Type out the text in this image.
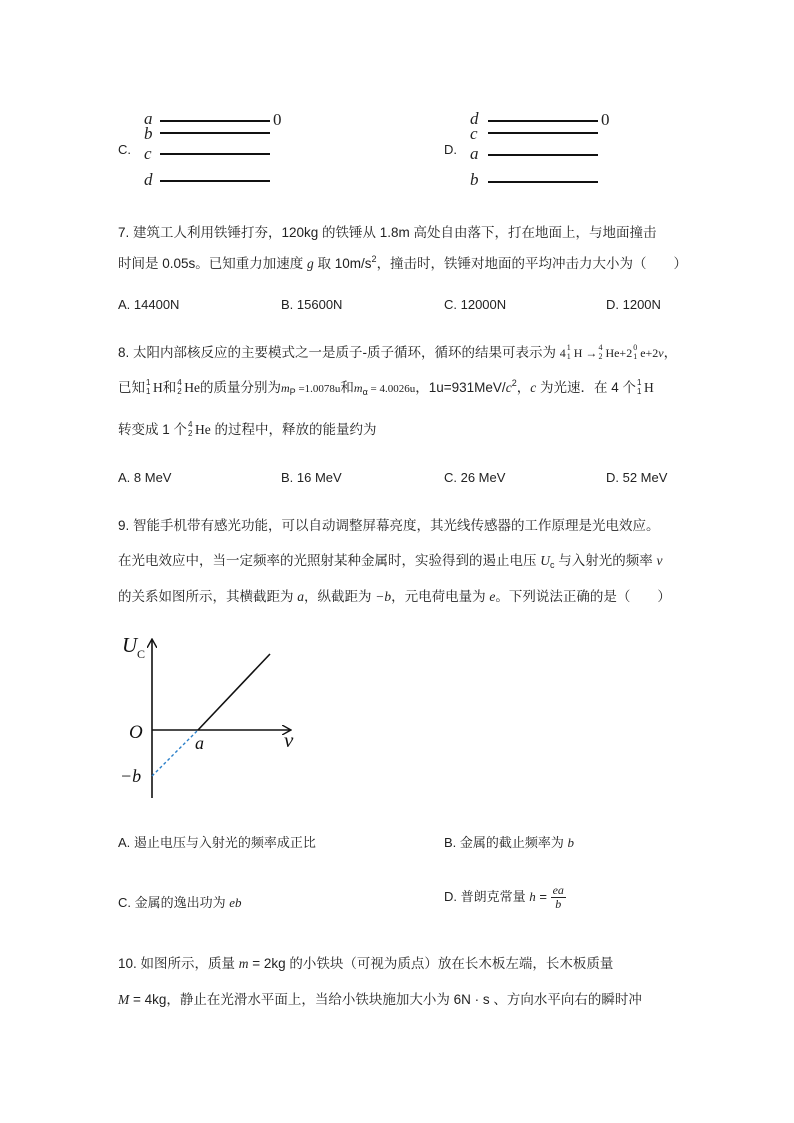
C.
a	0
b
c
d
D.
d	0
c
a
b
7. 建筑工人利用铁锤打夯，120kg 的铁锤从 1.8m 高处自由落下，打在地面上，与地面撞击
时间是 0.05s。已知重力加速度 g 取 $10m/s^2$，撞击时，铁锤对地面的平均冲击力大小为（　　）
A. 14400N	B. 15600N	C. 12000N	D. 1200N
8. 太阳内部核反应的主要模式之一是质子-质子循环，循环的结果可表示为 4 1
1 H → 4
2 He+2 0
1 e+2ν，
已知 1
1 H和 4
2 He的质量分别为$m_P =1.0078u$和$m_\alpha = 4.0026u$，$1u=931MeV/c^2$，c 为光速．在 4 个 1
1 H
转变成 1 个 4
2 He 的过程中，释放的能量约为
A. 8 MeV	B. 16 MeV	C. 26 MeV	D. 52 MeV
9. 智能手机带有感光功能，可以自动调整屏幕亮度，其光线传感器的工作原理是光电效应。
在光电效应中，当一定频率的光照射某种金属时，实验得到的遏止电压 $U_c$ 与入射光的频率 ν
的关系如图所示，其横截距为 a，纵截距为 −b，元电荷电量为 e。下列说法正确的是（　　）
U C
ν
O	a
−b
A. 遏止电压与入射光的频率成正比	B. 金属的截止频率为 b
C. 金属的逸出功为 eb	D. 普朗克常量 $h = \frac{ea}{b}$
10. 如图所示，质量 m = 2kg 的小铁块（可视为质点）放在长木板左端，长木板质量
M = 4kg，静止在光滑水平面上，当给小铁块施加大小为 6N · s 、方向水平向右的瞬时冲
